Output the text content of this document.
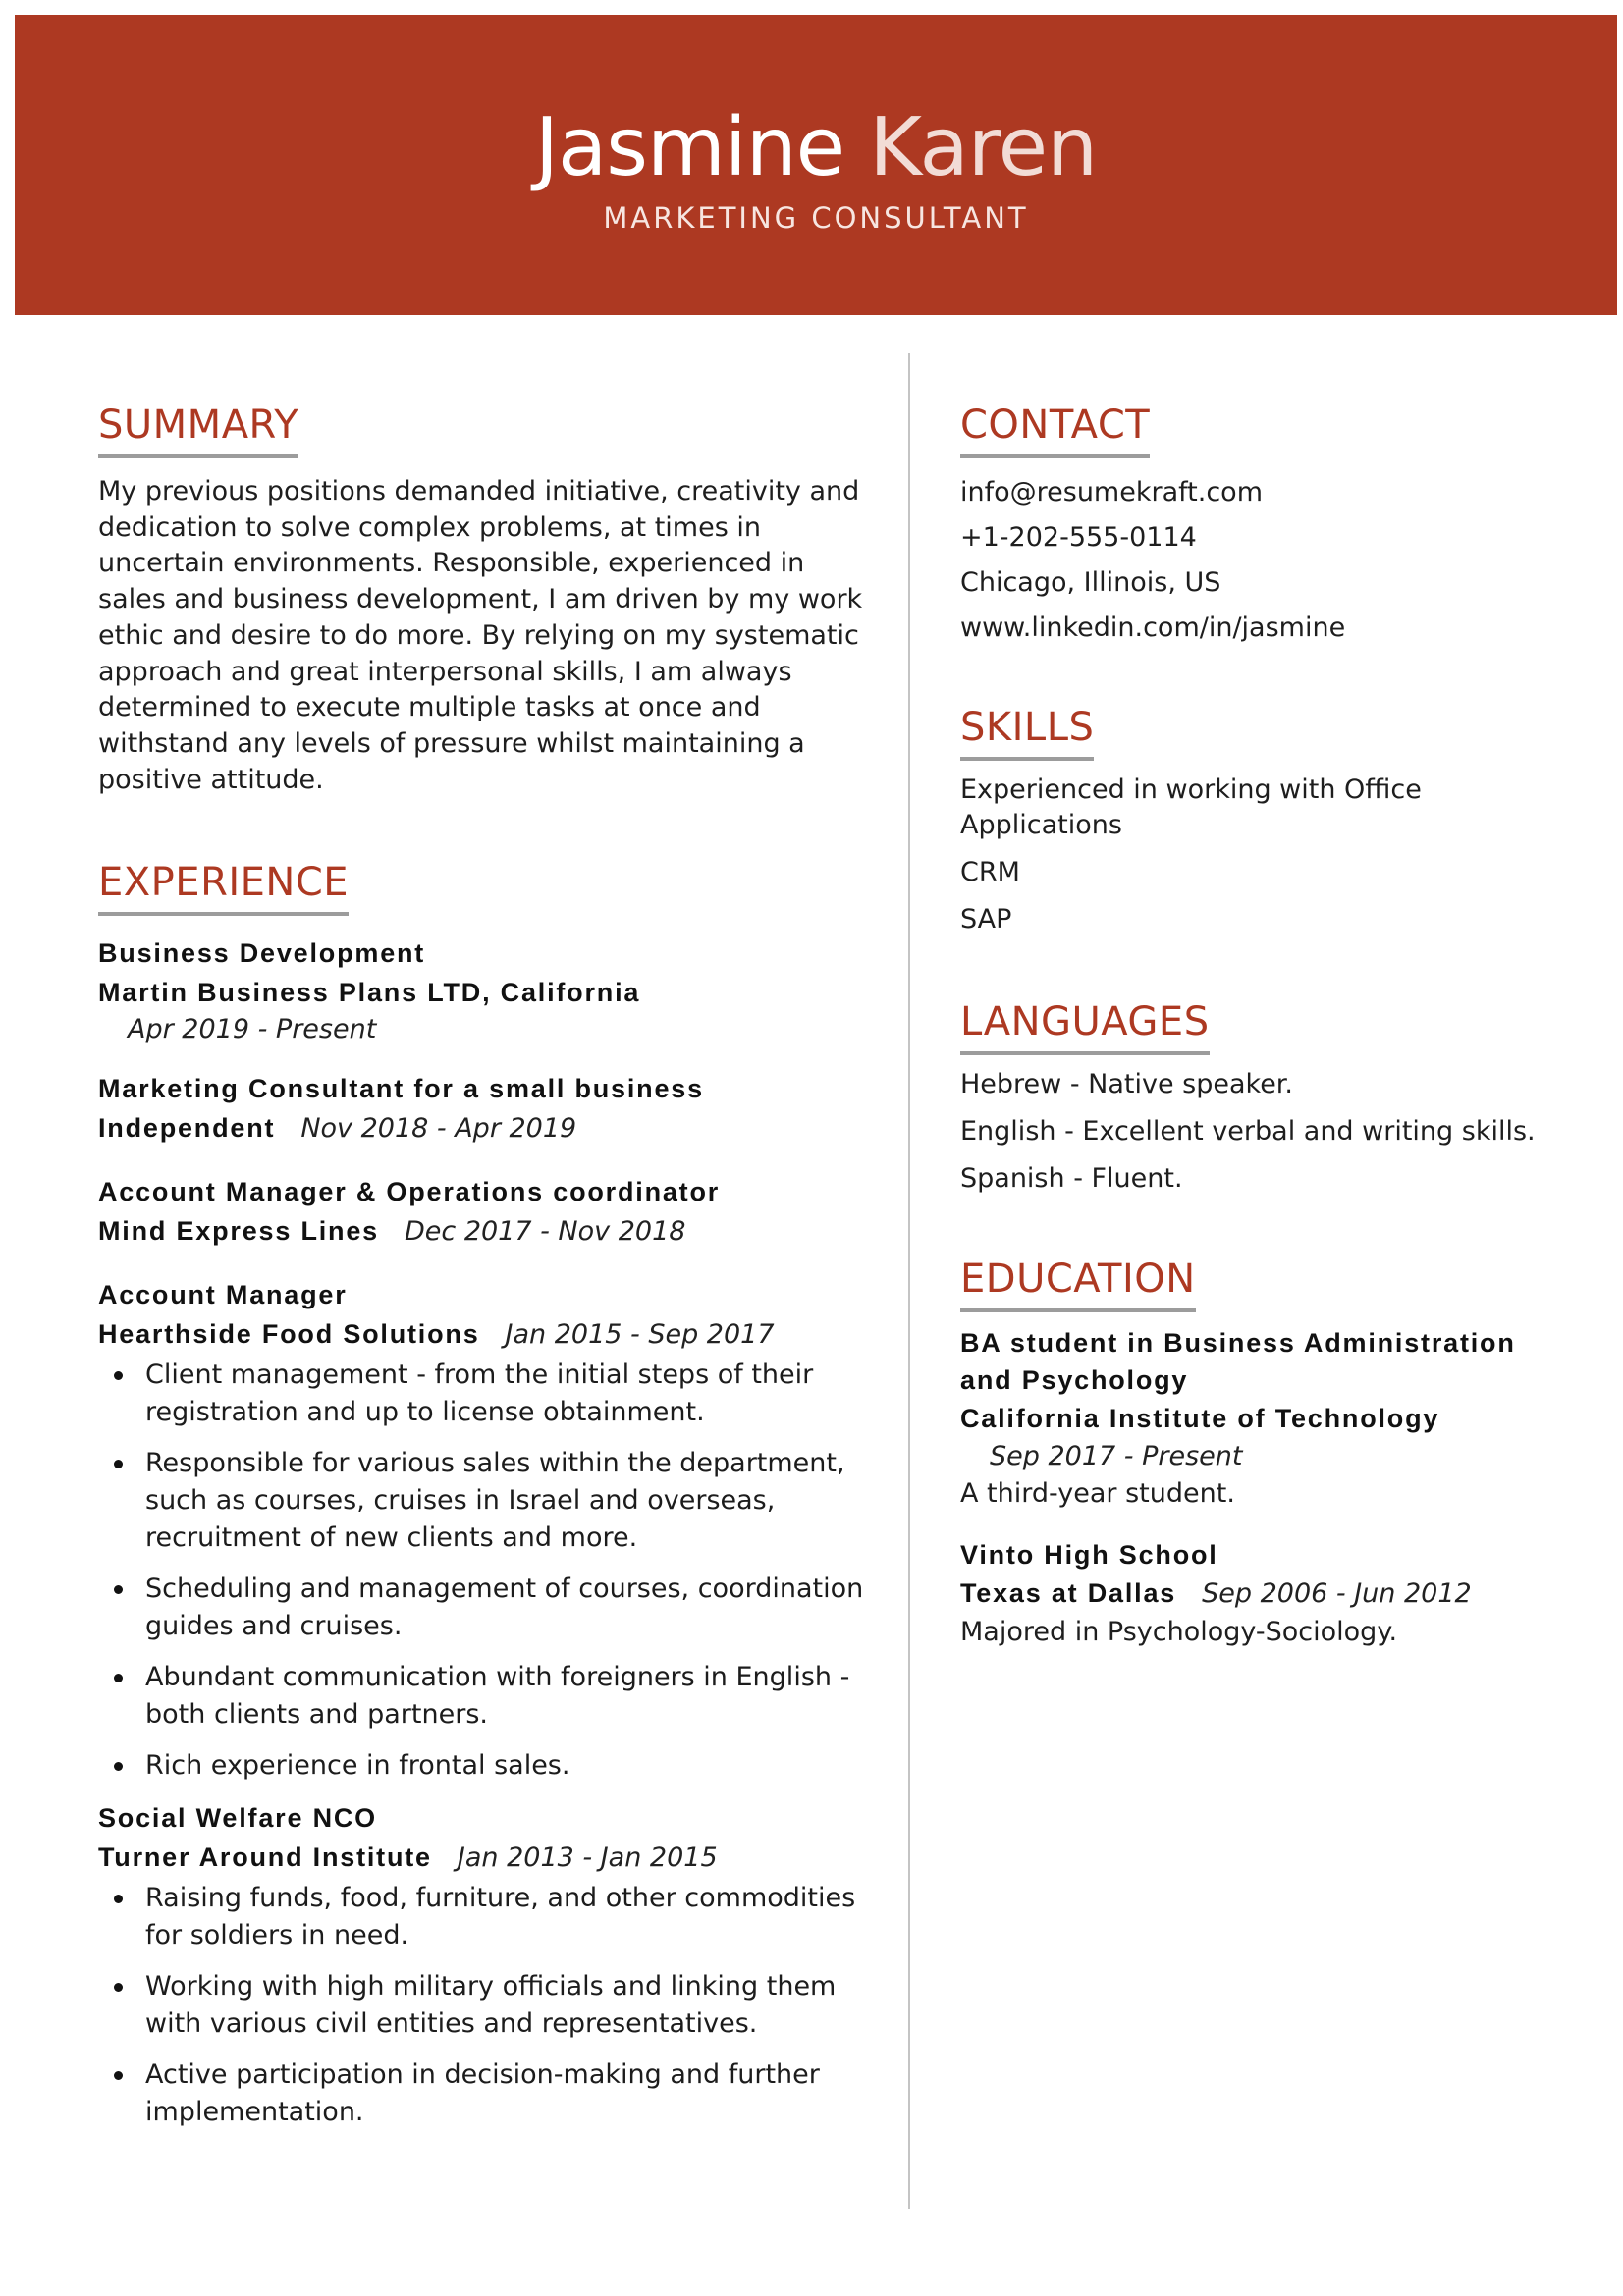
Jasmine Karen
MARKETING CONSULTANT
SUMMARY

My previous positions demanded initiative, creativity and dedication to solve complex problems, at times in uncertain environments. Responsible, experienced in sales and business development, I am driven by my work ethic and desire to do more. By relying on my systematic approach and great interpersonal skills, I am always determined to execute multiple tasks at once and withstand any levels of pressure whilst maintaining a positive attitude.

EXPERIENCE
Business Development
Martin Business Plans LTD, California
Apr 2019 - Present
Marketing Consultant for a small business
Independent Nov 2018 - Apr 2019
Account Manager & Operations coordinator
Mind Express Lines Dec 2017 - Nov 2018
Account Manager
Hearthside Food Solutions Jan 2015 - Sep 2017
Client management - from the initial steps of their registration and up to license obtainment.
Responsible for various sales within the department, such as courses, cruises in Israel and overseas, recruitment of new clients and more.
Scheduling and management of courses, coordination guides and cruises.
Abundant communication with foreigners in English - both clients and partners.
Rich experience in frontal sales.
Social Welfare NCO
Turner Around Institute Jan 2013 - Jan 2015
Raising funds, food, furniture, and other commodities for soldiers in need.
Working with high military officials and linking them with various civil entities and representatives.
Active participation in decision-making and further implementation.
CONTACT
info@resumekraft.com
+1-202-555-0114
Chicago, Illinois, US
www.linkedin.com/in/jasmine
SKILLS
Experienced in working with Office Applications
CRM
SAP
LANGUAGES
Hebrew - Native speaker.
English - Excellent verbal and writing skills.
Spanish - Fluent.
EDUCATION
BA student in Business Administration and Psychology
California Institute of Technology
Sep 2017 - Present
A third-year student.
Vinto High School
Texas at Dallas Sep 2006 - Jun 2012
Majored in Psychology-Sociology.
